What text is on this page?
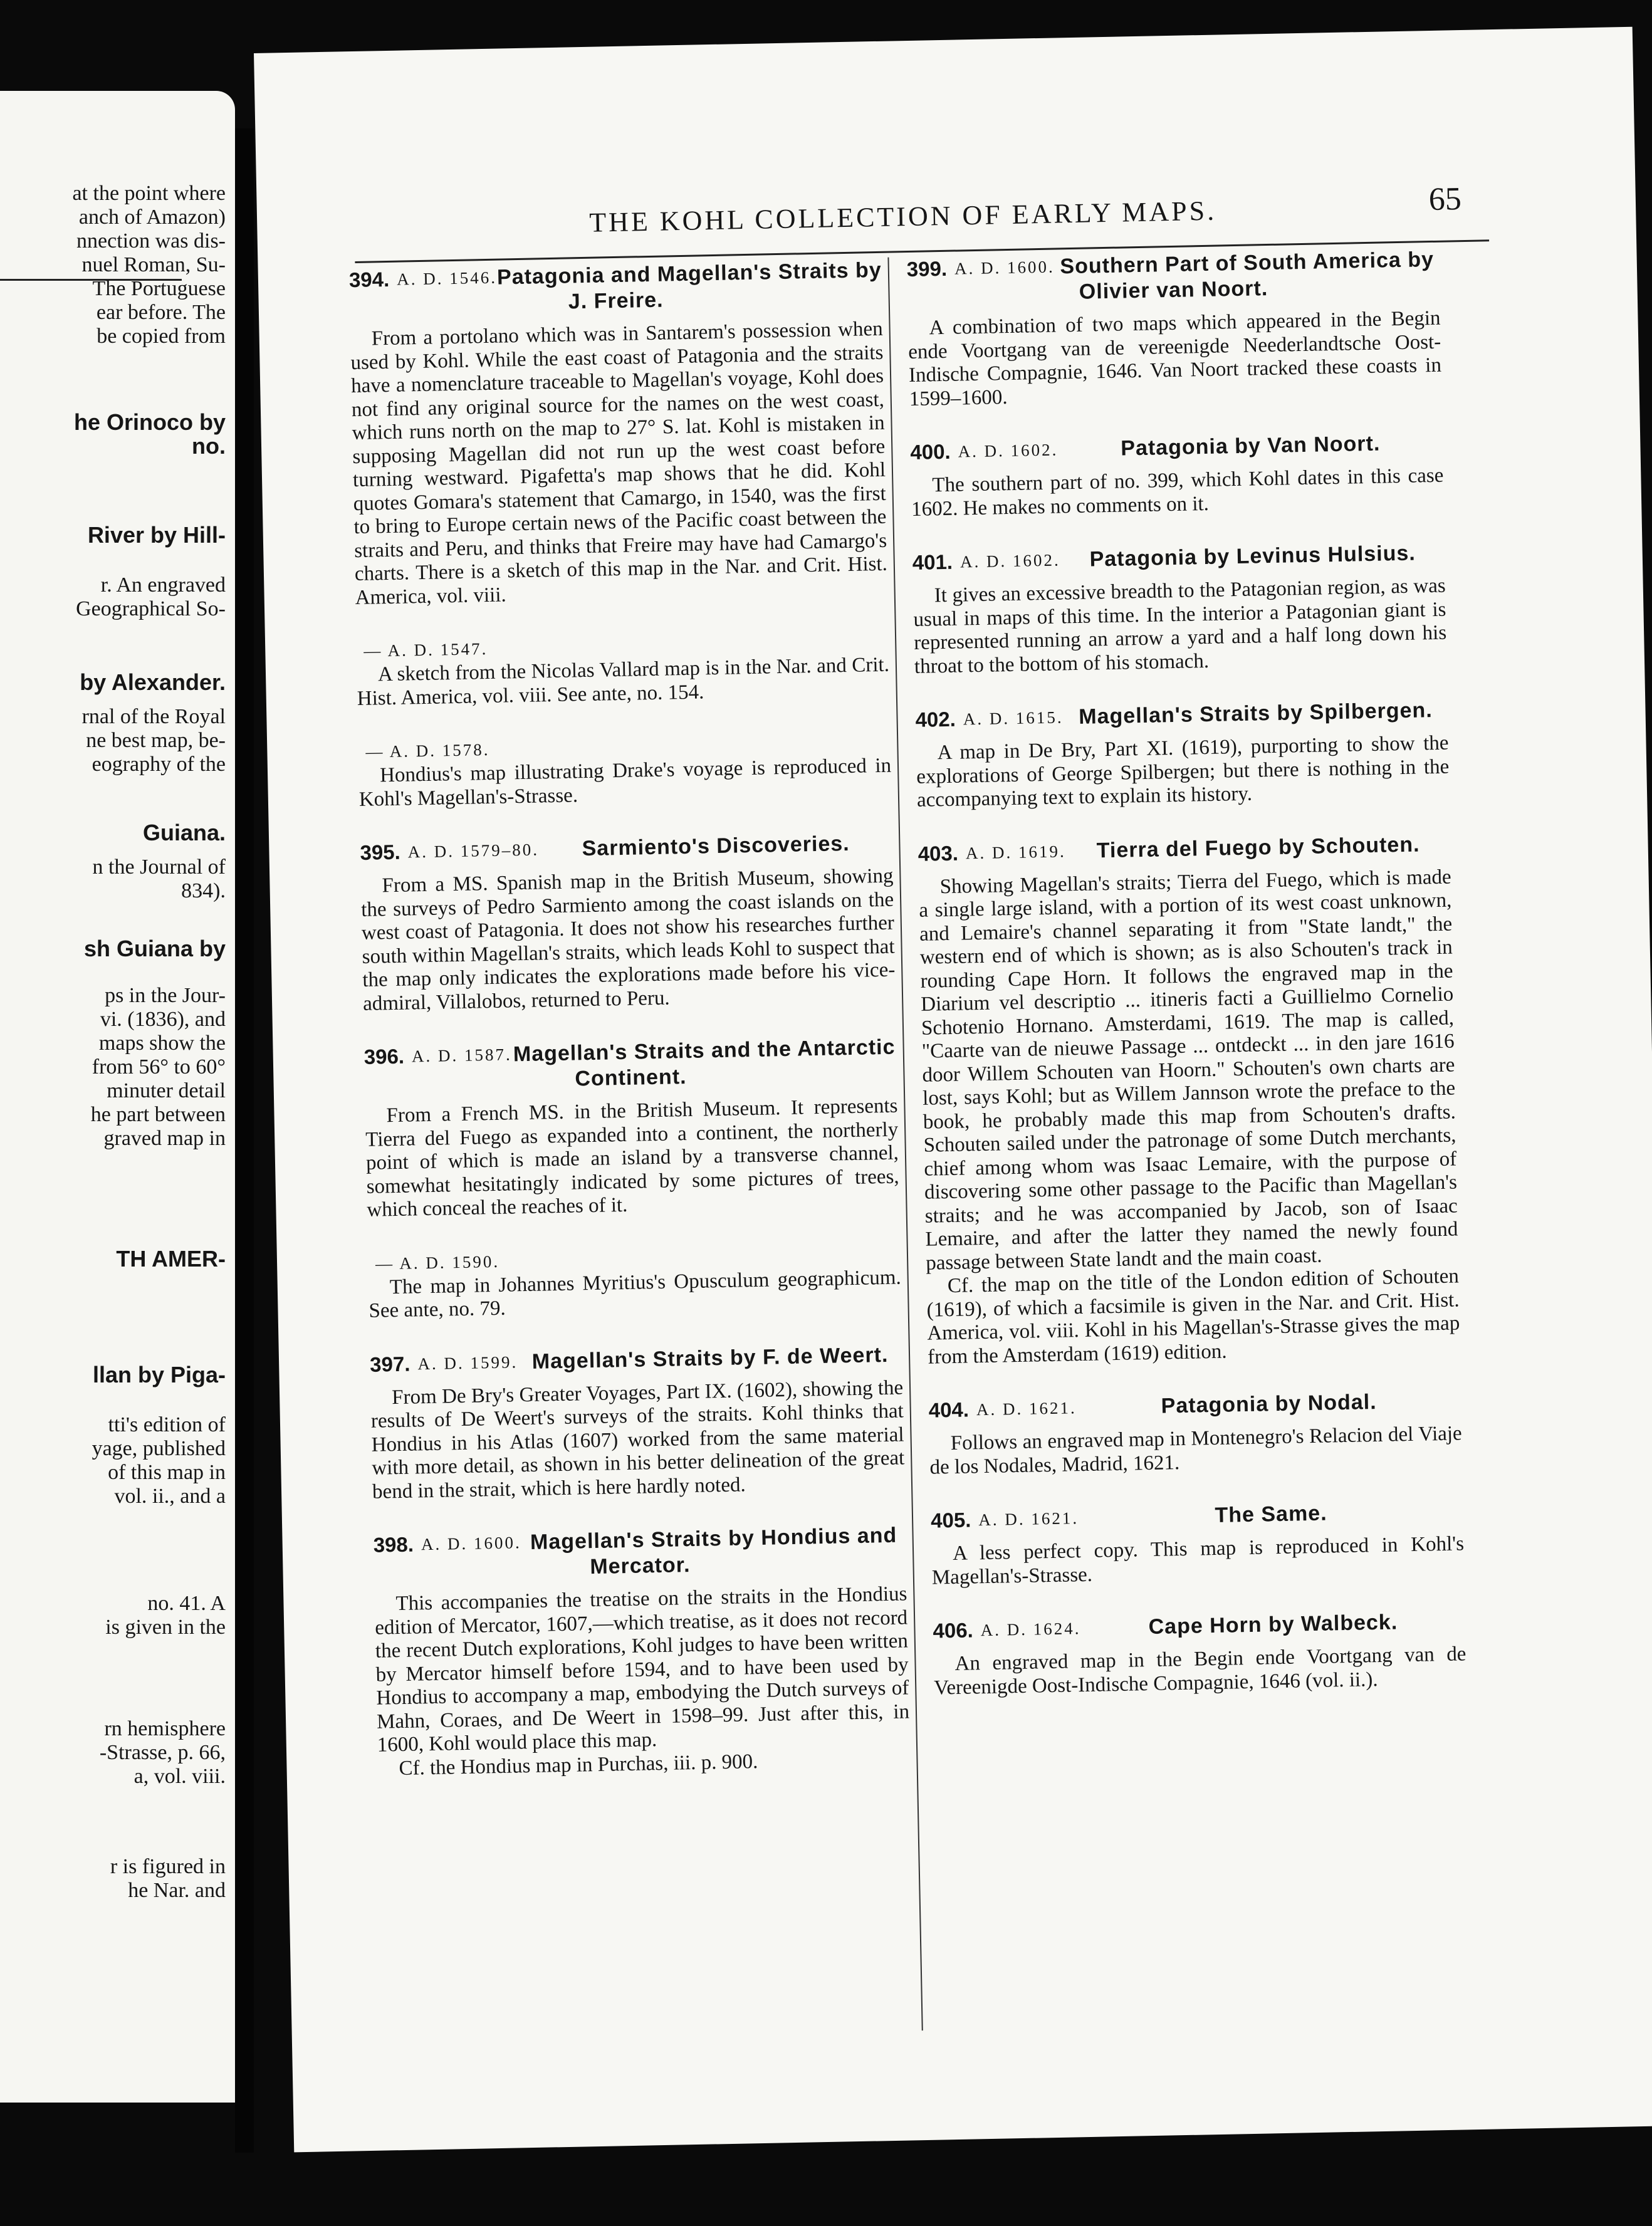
at the point where
anch of Amazon)
nnection was dis-
nuel Roman, Su-
The Portuguese
ear before. The
be copied from
he Orinoco by
no.
River by Hill-
r. An engraved
Geographical So-
by Alexander.
rnal of the Royal
ne best map, be-
eography of the
Guiana.
n the Journal of
834).
sh Guiana by
ps in the Jour-
vi. (1836), and
maps show the
from 56° to 60°
minuter detail
he part between
graved map in
TH AMER-
llan by Piga-
tti's edition of
yage, published
of this map in
vol. ii., and a
no. 41. A
is given in the
rn hemisphere
-Strasse, p. 66,
a, vol. viii.
r is figured in
he Nar. and
THE KOHL COLLECTION OF EARLY MAPS.	65
394. A. D. 1546. Patagonia and Magellan's Straits by J. Freire.

From a portolano which was in Santarem's possession when used by Kohl. While the east coast of Patagonia and the straits have a nomenclature traceable to Magellan's voyage, Kohl does not find any original source for the names on the west coast, which runs north on the map to 27° S. lat. Kohl is mistaken in supposing Magellan did not run up the west coast before turning westward. Pigafetta's map shows that he did. Kohl quotes Gomara's statement that Camargo, in 1540, was the first to bring to Europe certain news of the Pacific coast between the straits and Peru, and thinks that Freire may have had Camargo's charts. There is a sketch of this map in the Nar. and Crit. Hist. America, vol. viii.

— A. D. 1547.

A sketch from the Nicolas Vallard map is in the Nar. and Crit. Hist. America, vol. viii. See ante, no. 154.

— A. D. 1578.

Hondius's map illustrating Drake's voyage is reproduced in Kohl's Magellan's-Strasse.

395. A. D. 1579–80. Sarmiento's Discoveries.

From a MS. Spanish map in the British Museum, showing the surveys of Pedro Sarmiento among the coast islands on the west coast of Patagonia. It does not show his researches further south within Magellan's straits, which leads Kohl to suspect that the map only indicates the explorations made before his vice-admiral, Villalobos, returned to Peru.

396. A. D. 1587. Magellan's Straits and the Antarctic Continent.

From a French MS. in the British Museum. It represents Tierra del Fuego as expanded into a continent, the northerly point of which is made an island by a transverse channel, somewhat hesitatingly indicated by some pictures of trees, which conceal the reaches of it.

— A. D. 1590.

The map in Johannes Myritius's Opusculum geographicum. See ante, no. 79.

397. A. D. 1599. Magellan's Straits by F. de Weert.

From De Bry's Greater Voyages, Part IX. (1602), showing the results of De Weert's surveys of the straits. Kohl thinks that Hondius in his Atlas (1607) worked from the same material with more detail, as shown in his better delineation of the great bend in the strait, which is here hardly noted.

398. A. D. 1600. Magellan's Straits by Hondius and Mercator.

This accompanies the treatise on the straits in the Hondius edition of Mercator, 1607,—which treatise, as it does not record the recent Dutch explorations, Kohl judges to have been written by Mercator himself before 1594, and to have been used by Hondius to accompany a map, embodying the Dutch surveys of Mahn, Coraes, and De Weert in 1598–99. Just after this, in 1600, Kohl would place this map.

Cf. the Hondius map in Purchas, iii. p. 900.

399. A. D. 1600. Southern Part of South America by Olivier van Noort.

A combination of two maps which appeared in the Begin ende Voortgang van de vereenigde Neederlandtsche Oost-Indische Compagnie, 1646. Van Noort tracked these coasts in 1599–1600.

400. A. D. 1602.	Patagonia by Van Noort.

The southern part of no. 399, which Kohl dates in this case 1602. He makes no comments on it.

401. A. D. 1602. Patagonia by Levinus Hulsius.

It gives an excessive breadth to the Patagonian region, as was usual in maps of this time. In the interior a Patagonian giant is represented running an arrow a yard and a half long down his throat to the bottom of his stomach.

402. A. D. 1615. Magellan's Straits by Spilbergen.

A map in De Bry, Part XI. (1619), purporting to show the explorations of George Spilbergen; but there is nothing in the accompanying text to explain its history.

403. A. D. 1619. Tierra del Fuego by Schouten.

Showing Magellan's straits; Tierra del Fuego, which is made a single large island, with a portion of its west coast unknown, and Lemaire's channel separating it from "State landt," the western end of which is shown; as is also Schouten's track in rounding Cape Horn. It follows the engraved map in the Diarium vel descriptio ... itineris facti a Guillielmo Cornelio Schotenio Hornano. Amsterdami, 1619. The map is called, "Caarte van de nieuwe Passage ... ontdeckt ... in den jare 1616 door Willem Schouten van Hoorn." Schouten's own charts are lost, says Kohl; but as Willem Jannson wrote the preface to the book, he probably made this map from Schouten's drafts. Schouten sailed under the patronage of some Dutch merchants, chief among whom was Isaac Lemaire, with the purpose of discovering some other passage to the Pacific than Magellan's straits; and he was accompanied by Jacob, son of Isaac Lemaire, and after the latter they named the newly found passage between State landt and the main coast.

Cf. the map on the title of the London edition of Schouten (1619), of which a facsimile is given in the Nar. and Crit. Hist. America, vol. viii. Kohl in his Magellan's-Strasse gives the map from the Amsterdam (1619) edition.

404. A. D. 1621.	Patagonia by Nodal.

Follows an engraved map in Montenegro's Relacion del Viaje de los Nodales, Madrid, 1621.

405. A. D. 1621.	The Same.

A less perfect copy. This map is reproduced in Kohl's Magellan's-Strasse.

406. A. D. 1624.	Cape Horn by Walbeck.

An engraved map in the Begin ende Voortgang van de Vereenigde Oost-Indische Compagnie, 1646 (vol. ii.).
